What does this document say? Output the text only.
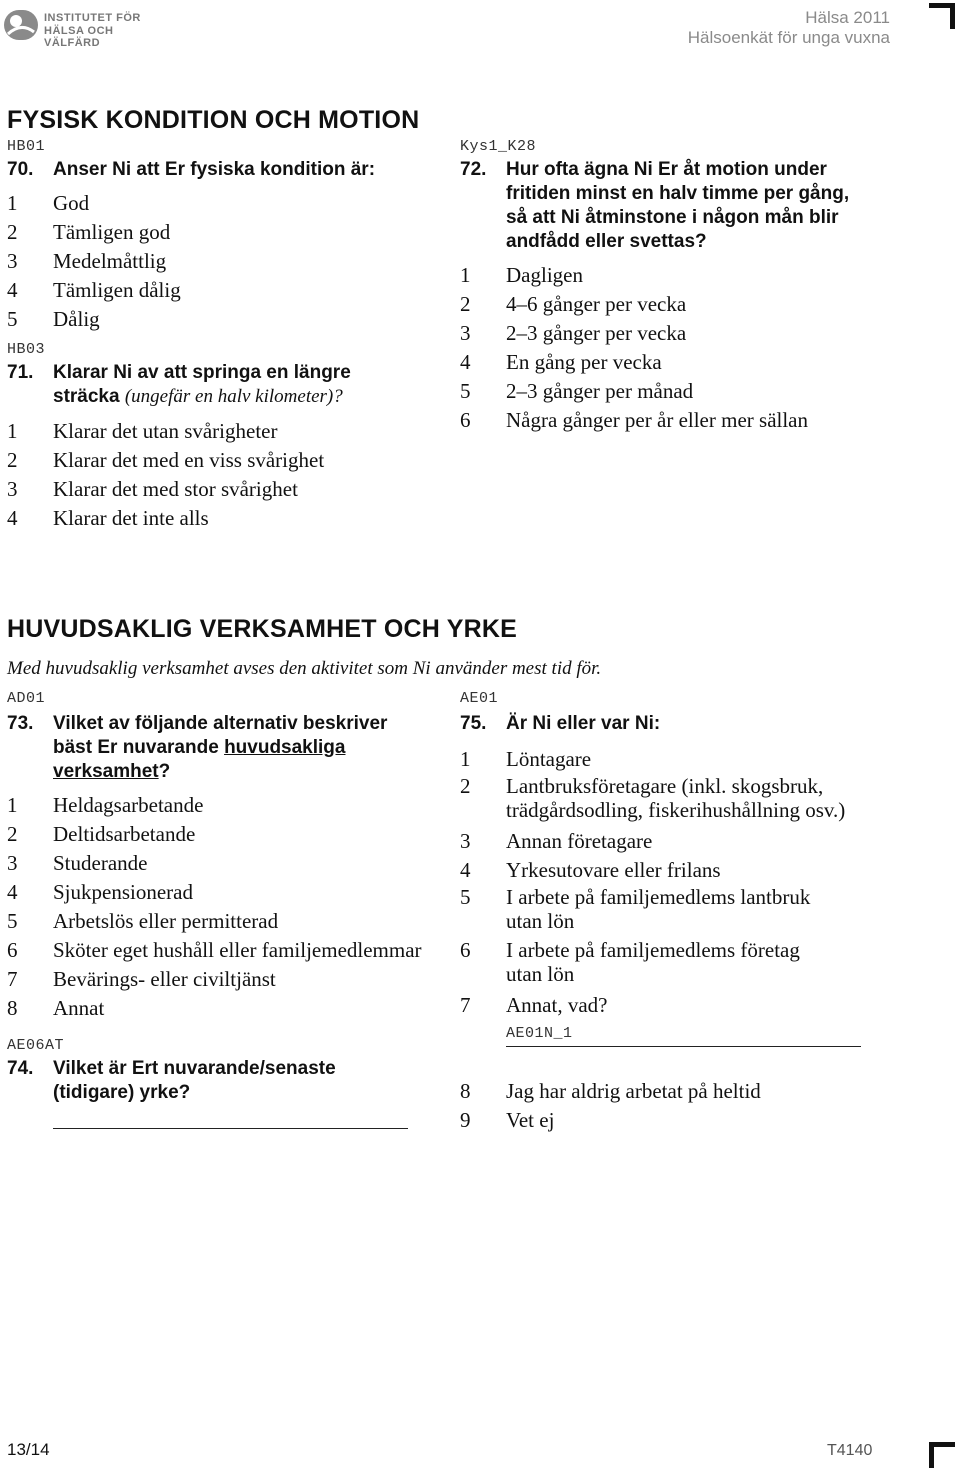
INSTITUTET FÖR
HÄLSA OCH VÄLFÄRD
Hälsa 2011
Hälsoenkät för unga vuxna
FYSISK KONDITION OCH MOTION
HB01
70. Anser Ni att Er fysiska kondition är:
1 God
2 Tämligen god
3 Medelmåttlig
4 Tämligen dålig
5 Dålig
HB03
71. Klarar Ni av att springa en längre
sträcka (ungefär en halv kilometer)?
1 Klarar det utan svårigheter
2 Klarar det med en viss svårighet
3 Klarar det med stor svårighet
4 Klarar det inte alls
Kys1_K28
72. Hur ofta ägna Ni Er åt motion under
fritiden minst en halv timme per gång,
så att Ni åtminstone i någon mån blir
andfådd eller svettas?
1 Dagligen
2 4–6 gånger per vecka
3 2–3 gånger per vecka
4 En gång per vecka
5 2–3 gånger per månad
6 Några gånger per år eller mer sällan
HUVUDSAKLIG VERKSAMHET OCH YRKE
Med huvudsaklig verksamhet avses den aktivitet som Ni använder mest tid för.
AD01
73. Vilket av följande alternativ beskriver
bäst Er nuvarande huvudsakliga
verksamhet?
1 Heldagsarbetande
2 Deltidsarbetande
3 Studerande
4 Sjukpensionerad
5 Arbetslös eller permitterad
6 Sköter eget hushåll eller familjemedlemmar
7 Bevärings- eller civiltjänst
8 Annat
AE06AT
74. Vilket är Ert nuvarande/senaste
(tidigare) yrke?
AE01
75. Är Ni eller var Ni:
1 Löntagare
2 Lantbruksföretagare (inkl. skogsbruk,
trädgårdsodling, fiskerihushållning osv.)
3 Annan företagare
4 Yrkesutovare eller frilans
5 I arbete på familjemedlems lantbruk
utan lön
6 I arbete på familjemedlems företag
utan lön
7 Annat, vad?
AE01N_1
8 Jag har aldrig arbetat på heltid
9 Vet ej
13/14	T4140
